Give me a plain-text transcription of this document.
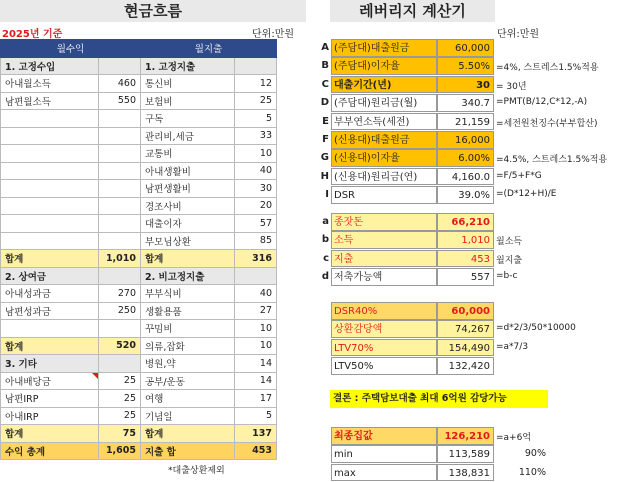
현금흐름
2025년 기준	단위:만원
월수익		월지출	
1. 고정수입		1. 고정지출	
아내월소득	460	통신비	12
남편월소득	550	보험비	25
		구독	5
		관리비,세금	33
		교통비	10
		아내생활비	40
		남편생활비	30
		경조사비	20
		대출이자	57
		부모님상환	85
합계	1,010	합계	316
2. 상여금		2. 비고정지출	
아내성과금	270	부부식비	40
남편성과금	250	생활용품	27
		꾸밈비	10
합계	520	의류,잡화	10
3. 기타		병원,약	14
아내배당금	25	공부/운동	14
남편IRP	25	여행	17
아내IRP	25	기념일	5
합계	75	합계	137
수익 총계	1,605	지출 합	453
*대출상환제외
레버리지 계산기
단위:만원
A (주담대)대출원금	60,000
B (주담대)이자율	5.50% =4%, 스트레스1.5%적용
C 대출기간(년)	30 = 30년
D (주담대)원리금(월)	340.7 =PMT(B/12,C*12,-A)
E 부부연소득(세전)	21,159 =세전원천징수(부부합산)
F (신용대)대출원금	16,000
G (신용대)이자율	6.00% =4.5%, 스트레스1.5%적용
H (신용대)원리금(연)	4,160.0 =F/5+F*G
I DSR	39.0% =(D*12+H)/E
a 종잣돈	66,210
b 소득	1,010 월소득
c 지출	453 월지출
d 저축가능액	557 =b-c
DSR40%	60,000
상환감당액	74,267 =d*2/3/50*10000
LTV70%	154,490 =a*7/3
LTV50%	132,420
결론 : 주택담보대출 최대 6억원 감당가능
최종집값	126,210 =a+6억
min	113,589	90%
max	138,831	110%
